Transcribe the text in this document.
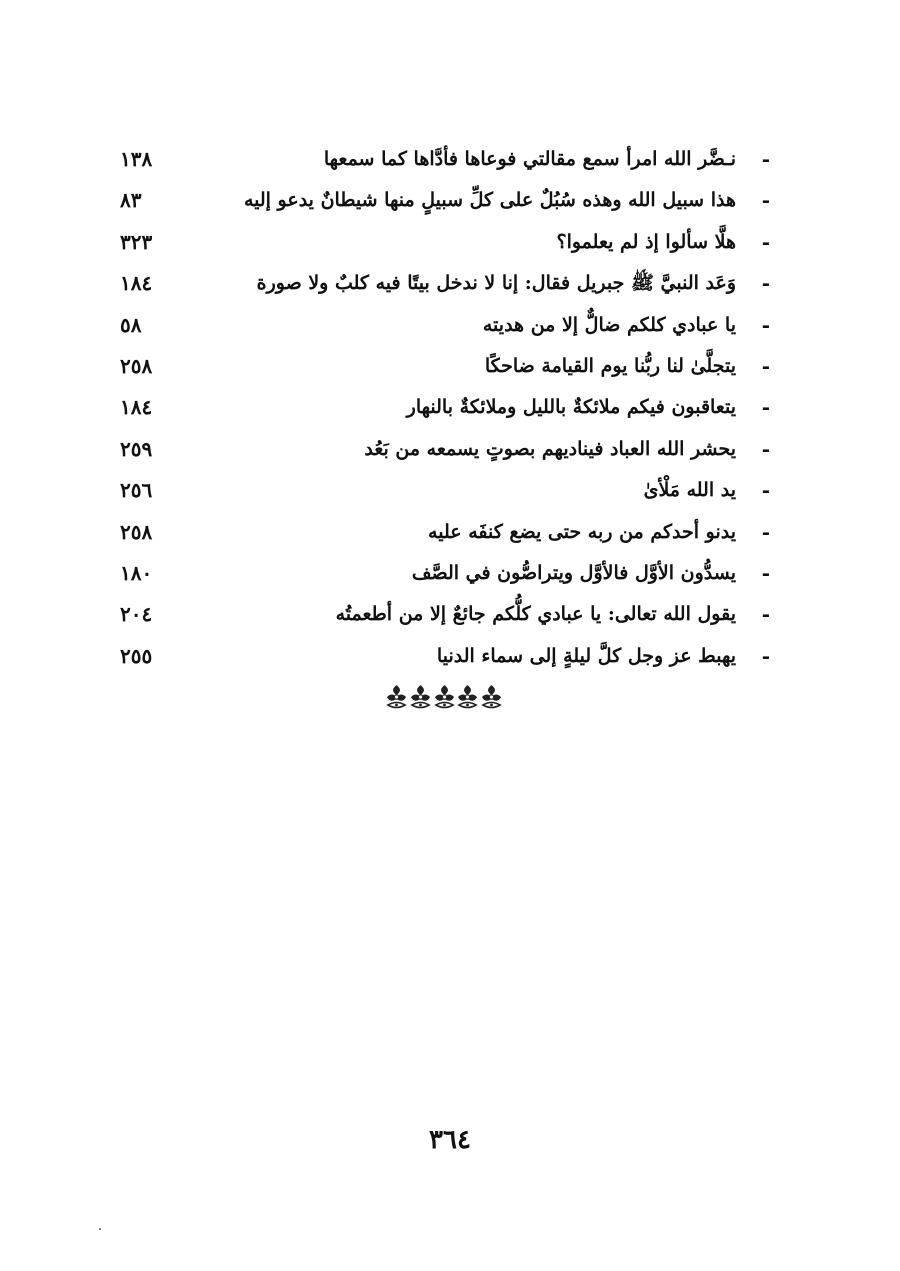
-
نـضَّر الله امرأ سمع مقالتي فوعاها فأدَّاها كما سمعها
١٣٨
-
هذا سبيل الله وهذه سُبُلٌ على كلِّ سبيلٍ منها شيطانٌ يدعو إليه
٨٣
-
هلَّا سألوا إذ لم يعلموا؟
٣٢٣
-
وَعَد النبيَّ ﷺ جبريل فقال: إنا لا ندخل بيتًا فيه كلبٌ ولا صورة
١٨٤
-
يا عبادي كلكم ضالٌّ إلا من هديته
٥٨
-
يتجلَّىٰ لنا ربُّنا يوم القيامة ضاحكًا
٢٥٨
-
يتعاقبون فيكم ملائكةٌ بالليل وملائكةٌ بالنهار
١٨٤
-
يحشر الله العباد فيناديهم بصوتٍ يسمعه من بَعُد
٢٥٩
-
يد الله مَلْأىٰ
٢٥٦
-
يدنو أحدكم من ربه حتى يضع كنفَه عليه
٢٥٨
-
يسدُّون الأوَّل فالأوَّل ويتراصُّون في الصَّف
١٨٠
-
يقول الله تعالى: يا عبادي كلُّكم جائعٌ إلا من أطعمتُه
٢٠٤
-
يهبط عز وجل كلَّ ليلةٍ إلى سماء الدنيا
٢٥٥
٣٦٤
